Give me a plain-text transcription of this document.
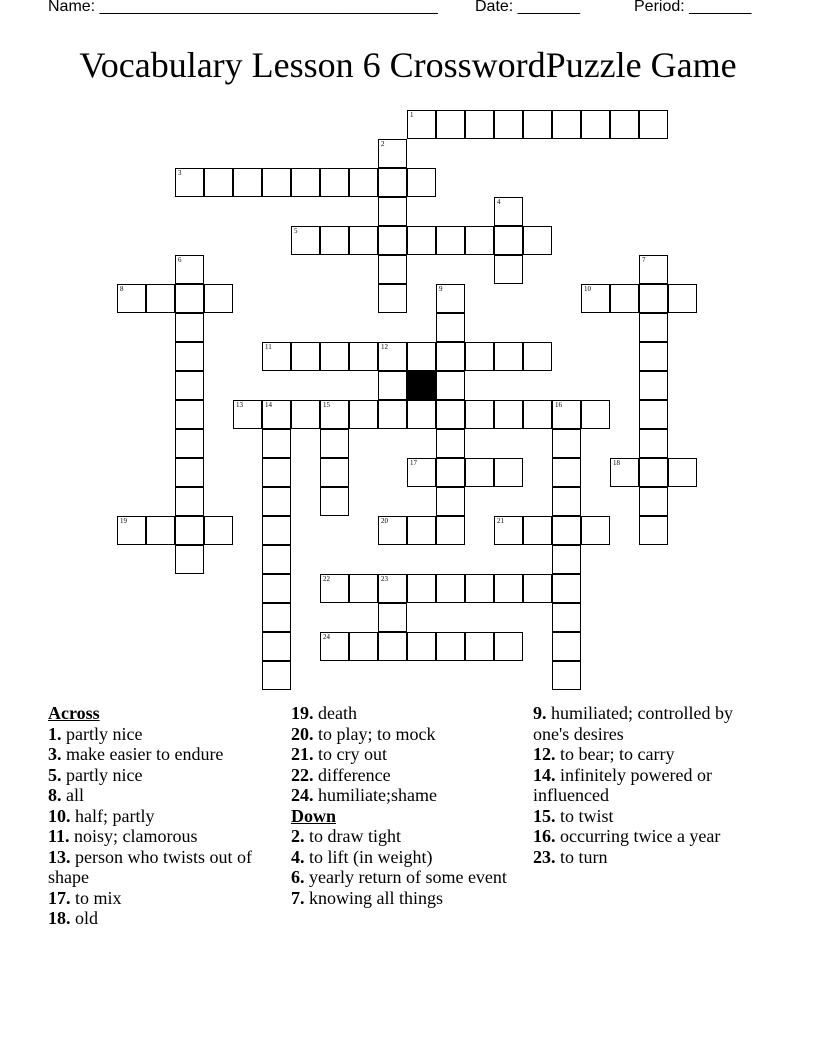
Name: ______________________________________

Date: _______

	Period: _______

Vocabulary Lesson 6 CrosswordPuzzle Game
1
3
5
8	10
11	12
13	14	15	16
17	18
19	20	21
22	23
24
2
4
6	7
9
Across
1. partly nice
3. make easier to endure
5. partly nice
8. all
10. half; partly
11. noisy; clamorous
13. person who twists out of shape
17. to mix
18. old
19. death
20. to play; to mock
21. to cry out
22. difference
24. humiliate;shame
Down
2. to draw tight
4. to lift (in weight)
6. yearly return of some event
7. knowing all things
9. humiliated; controlled by one's desires
12. to bear; to carry
14. infinitely powered or influenced
15. to twist
16. occurring twice a year
23. to turn
